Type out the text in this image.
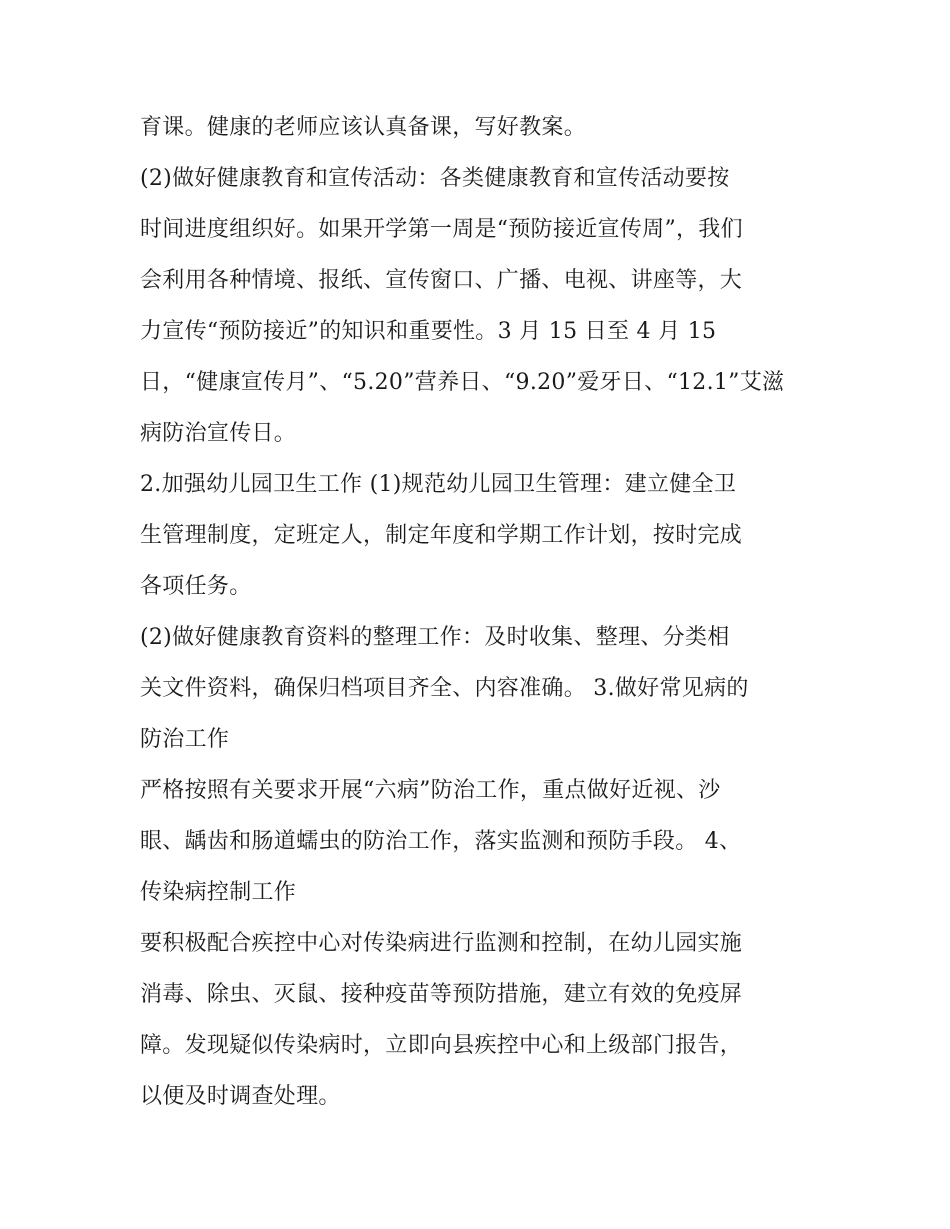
育课。健康的老师应该认真备课，写好教案。
(2)做好健康教育和宣传活动：各类健康教育和宣传活动要按
时间进度组织好。如果开学第一周是“预防接近宣传周”，我们
会利用各种情境、报纸、宣传窗口、广播、电视、讲座等，大
力宣传“预防接近”的知识和重要性。3 月 15 日至 4 月 15
日，“健康宣传月”、“5.20”营养日、“9.20”爱牙日、“12.1”艾滋
病防治宣传日。
2.加强幼儿园卫生工作 (1)规范幼儿园卫生管理：建立健全卫
生管理制度，定班定人，制定年度和学期工作计划，按时完成
各项任务。
(2)做好健康教育资料的整理工作：及时收集、整理、分类相
关文件资料，确保归档项目齐全、内容准确。 3.做好常见病的
防治工作
严格按照有关要求开展“六病”防治工作，重点做好近视、沙
眼、龋齿和肠道蠕虫的防治工作，落实监测和预防手段。 4、
传染病控制工作
要积极配合疾控中心对传染病进行监测和控制，在幼儿园实施
消毒、除虫、灭鼠、接种疫苗等预防措施，建立有效的免疫屏
障。发现疑似传染病时，立即向县疾控中心和上级部门报告，
以便及时调查处理。
